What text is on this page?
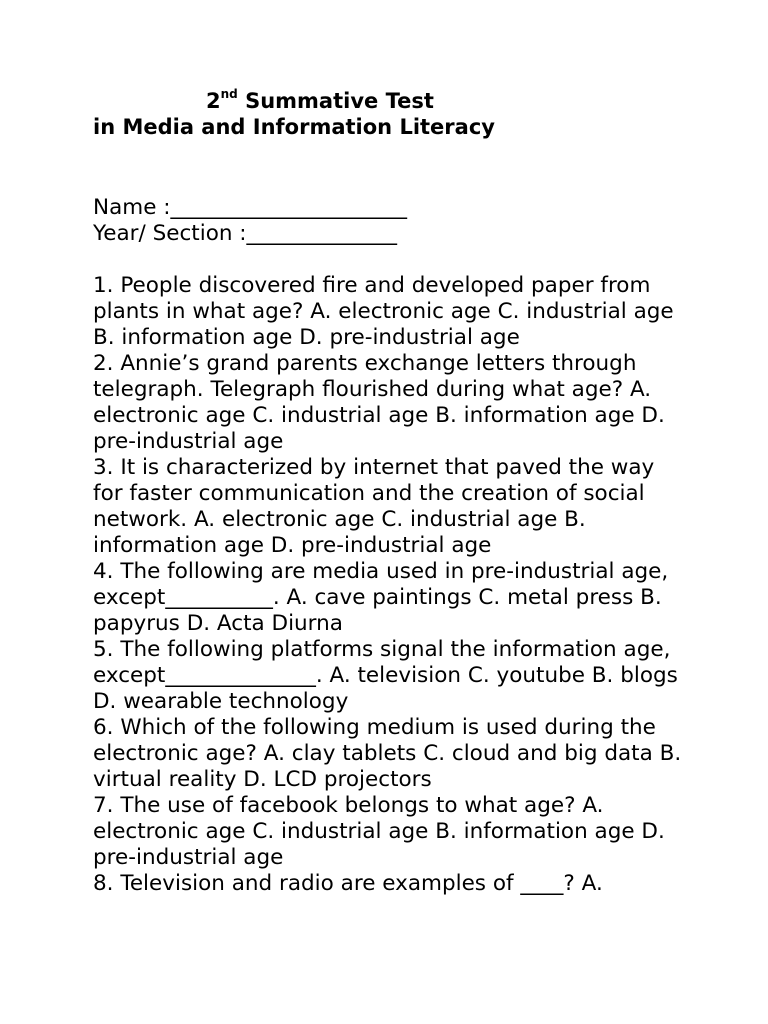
2nd Summative Test
in Media and Information Literacy
Name :______________________
Year/ Section :______________

1. People discovered fire and developed paper from plants in what age? A. electronic age C. industrial age B. information age D. pre-industrial age

2. Annie’s grand parents exchange letters through telegraph. Telegraph flourished during what age? A. electronic age C. industrial age B. information age D. pre-industrial age

3. It is characterized by internet that paved the way for faster communication and the creation of social network. A. electronic age C. industrial age B. information age D. pre-industrial age

4. The following are media used in pre-industrial age, except__________. A. cave paintings C. metal press B. papyrus D. Acta Diurna

5. The following platforms signal the information age, except______________. A. television C. youtube B. blogs D. wearable technology

6. Which of the following medium is used during the electronic age? A. clay tablets C. cloud and big data B. virtual reality D. LCD projectors

7. The use of facebook belongs to what age? A. electronic age C. industrial age B. information age D. pre-industrial age

8. Television and radio are examples of ____? A.
